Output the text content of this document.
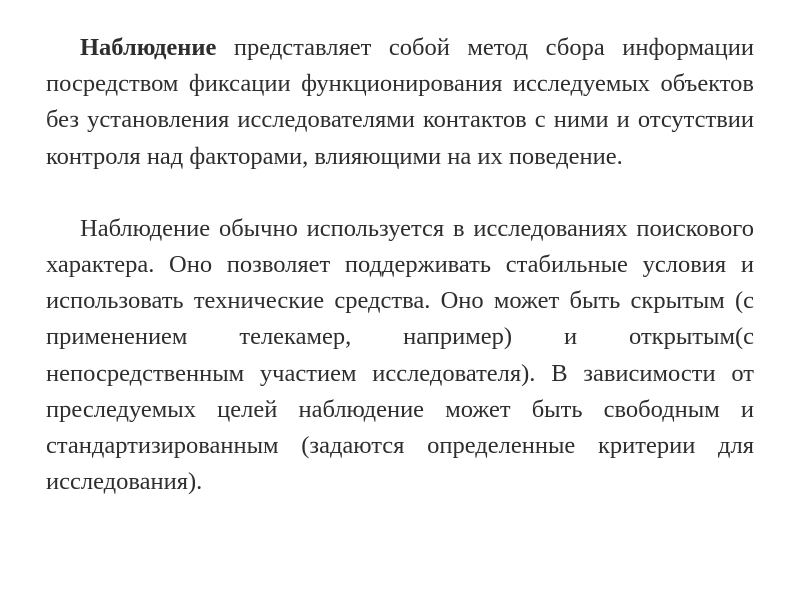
Наблюдение представляет собой метод сбора информации посредством фиксации функционирования исследуемых объектов без установления исследователями контактов с ними и отсутствии контроля над факторами, влияющими на их поведение.

Наблюдение обычно используется в исследованиях поискового характера. Оно позволяет поддерживать стабильные условия и использовать технические средства. Оно может быть скрытым (с применением телекамер, например) и открытым(с непосредственным участием исследователя). В зависимости от преследуемых целей наблюдение может быть свободным и стандартизированным (задаются определенные критерии для исследования).
